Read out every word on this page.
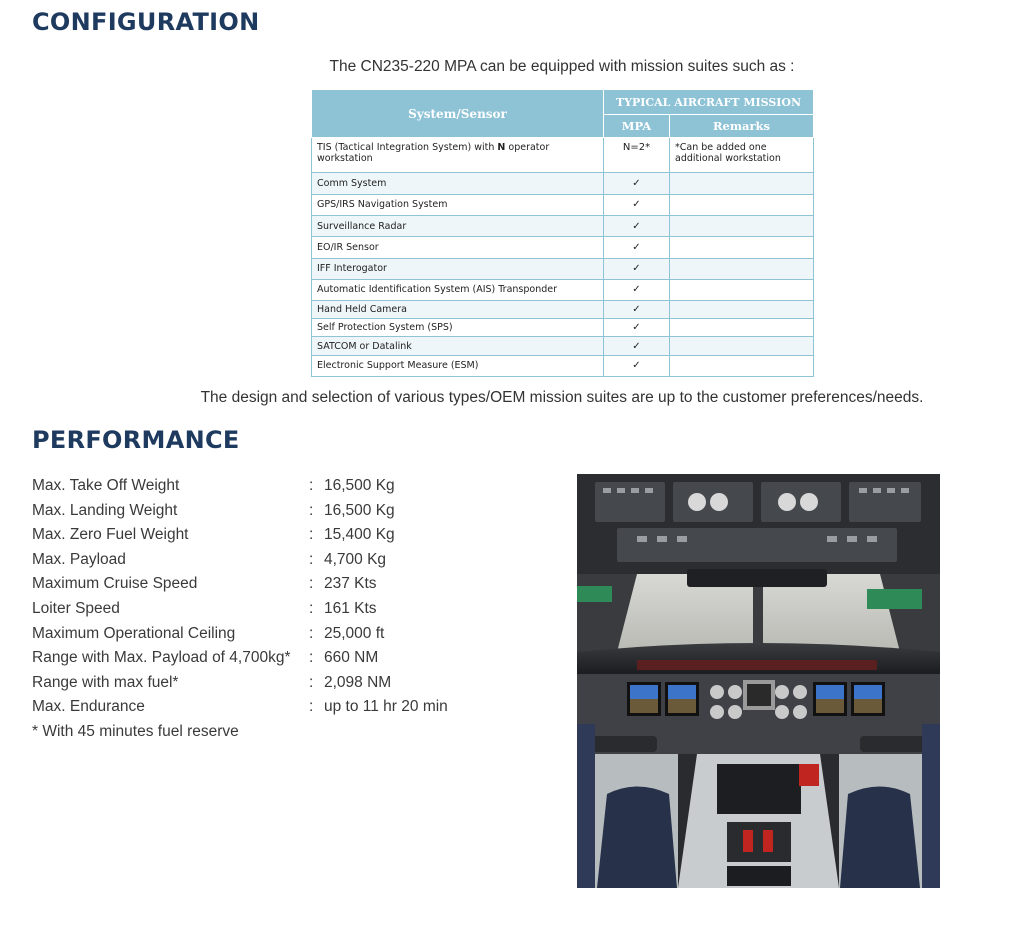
CONFIGURATION
The CN235-220 MPA can be equipped with mission suites such as :
System/Sensor	TYPICAL AIRCRAFT MISSION	
	MPA	Remarks
TIS (Tactical Integration System) with N operator workstation	N=2*	*Can be added one additional workstation
Comm System	✓	
GPS/IRS Navigation System	✓	
Surveillance Radar	✓	
EO/IR Sensor	✓	
IFF Interogator	✓	
Automatic Identification System (AIS) Transponder	✓	
Hand Held Camera	✓	
Self Protection System (SPS)	✓	
SATCOM or Datalink	✓	
Electronic Support Measure (ESM)	✓	
The design and selection of various types/OEM mission suites are up to the customer preferences/needs.
PERFORMANCE
Max. Take Off Weight	: 16,500 Kg
Max. Landing Weight	: 16,500 Kg
Max. Zero Fuel Weight	: 15,400 Kg
Max. Payload	: 4,700 Kg
Maximum Cruise Speed	: 237 Kts
Loiter Speed	: 161 Kts
Maximum Operational Ceiling	: 25,000 ft
Range with Max. Payload of 4,700kg* : 660 NM
Range with max fuel*	: 2,098 NM
Max. Endurance	: up to 11 hr 20 min
* With 45 minutes fuel reserve
